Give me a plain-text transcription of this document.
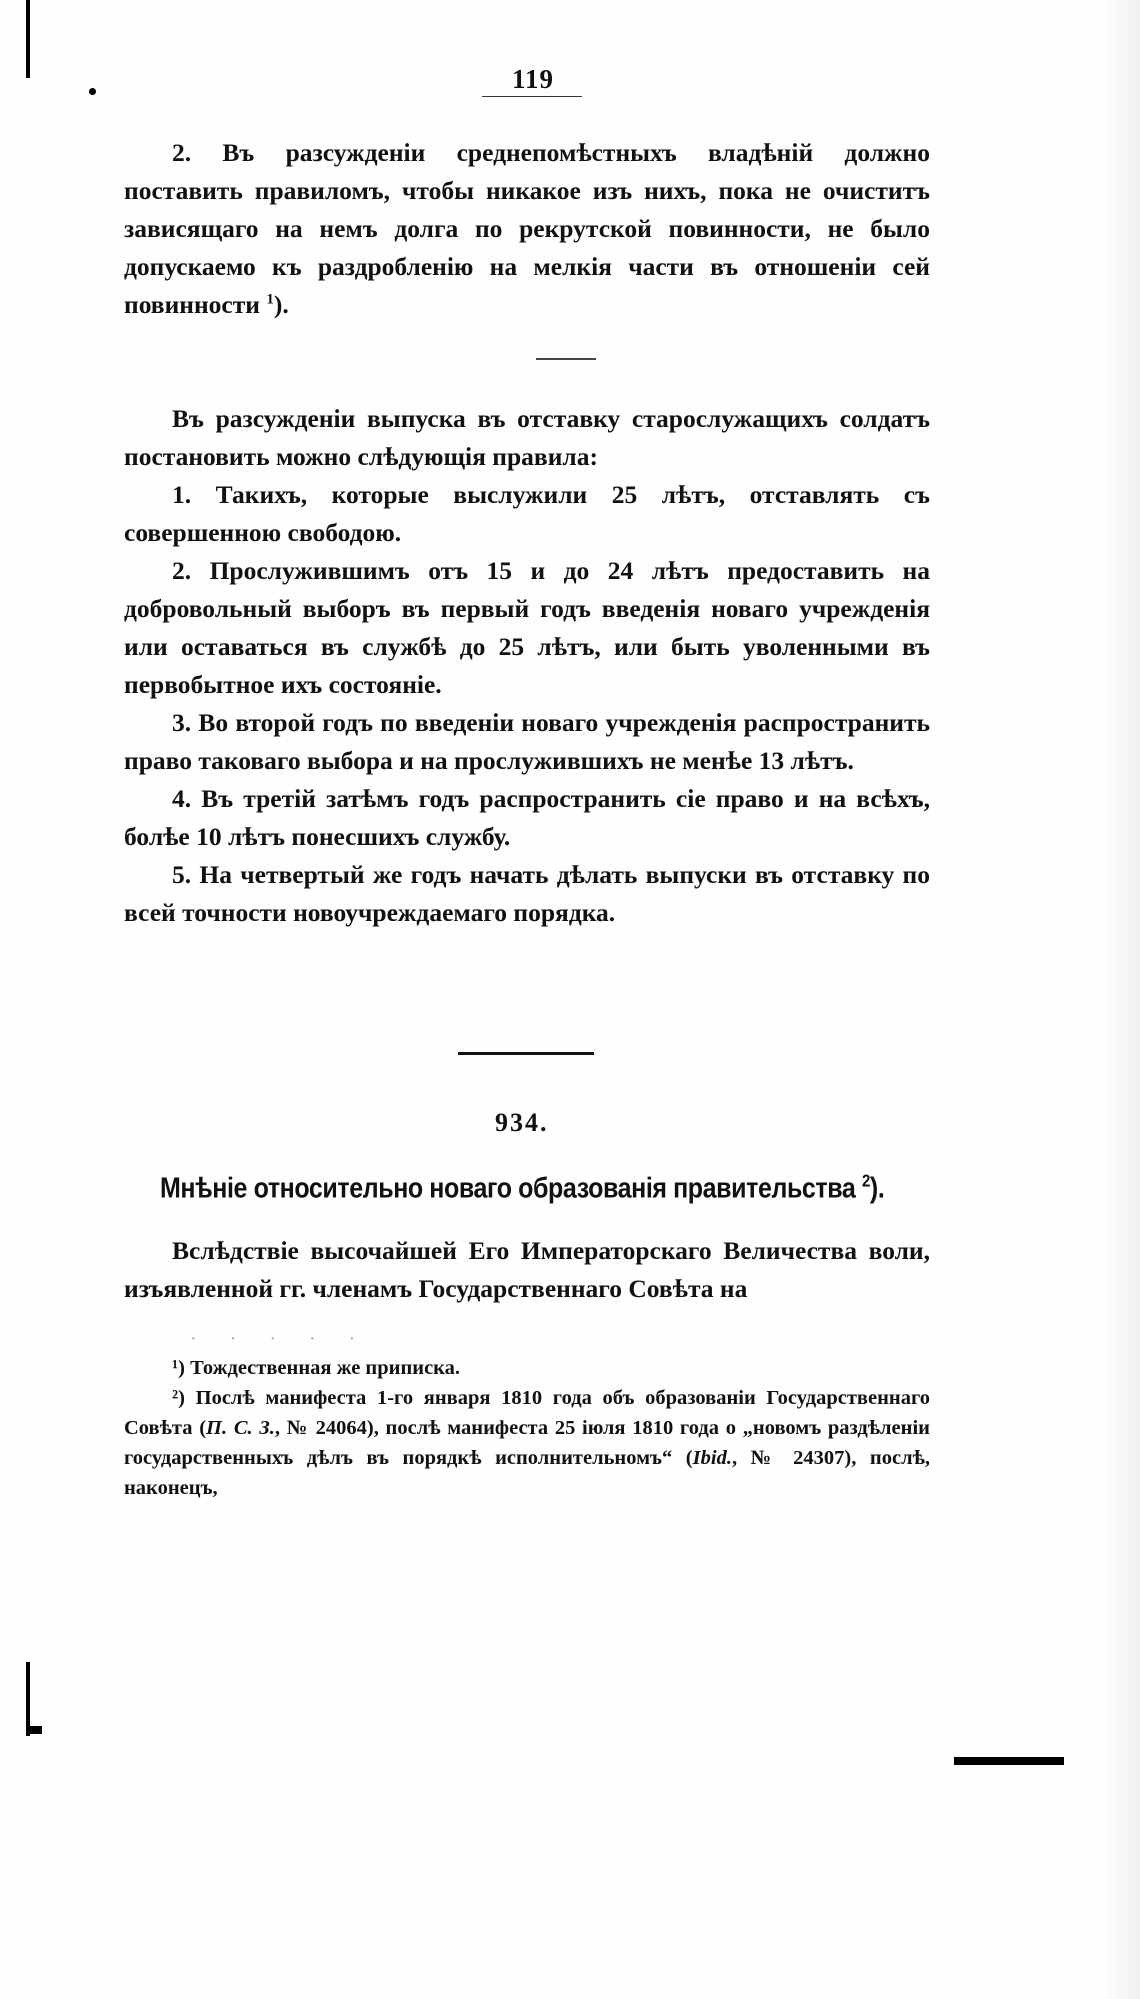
119

2. Въ разсужденіи среднепомѣстныхъ владѣній должно поставить правиломъ, чтобы никакое изъ нихъ, пока не очиститъ зависящаго на немъ долга по рекрутской повинности, не было допускаемо къ раздробленію на мелкія части въ отношеніи сей повинности $^1$).

Въ разсужденіи выпуска въ отставку старослужащихъ солдатъ постановить можно слѣдующія правила:

1. Такихъ, которые выслужили 25 лѣтъ, отставлять съ совершенною свободою.

2. Прослужившимъ отъ 15 и до 24 лѣтъ предоставить на добровольный выборъ въ первый годъ введенія новаго учрежденія или оставаться въ службѣ до 25 лѣтъ, или быть уволенными въ первобытное ихъ состояніе.

3. Во второй годъ по введеніи новаго учрежденія распространить право таковаго выбора и на прослужившихъ не менѣе 13 лѣтъ.

4. Въ третій затѣмъ годъ распространить сіе право и на всѣхъ, болѣе 10 лѣтъ понесшихъ службу.

5. На четвертый же годъ начать дѣлать выпуски въ отставку по всей точности новоучреждаемаго порядка.

934.
Мнѣніе относительно новаго образованія правительства $^2$).

Вслѣдствіе высочайшей Его Императорскаго Величества воли, изъявленной гг. членамъ Государственнаго Совѣта на

· · · · ·

¹) Тождественная же приписка.

²) Послѣ манифеста 1-го января 1810 года объ образованіи Государственнаго Совѣта (П. С. З., № 24064), послѣ манифеста 25 іюля 1810 года о „новомъ раздѣленіи государственныхъ дѣлъ въ порядкѣ исполнительномъ“ (Ibid., № 24307), послѣ, наконецъ,
